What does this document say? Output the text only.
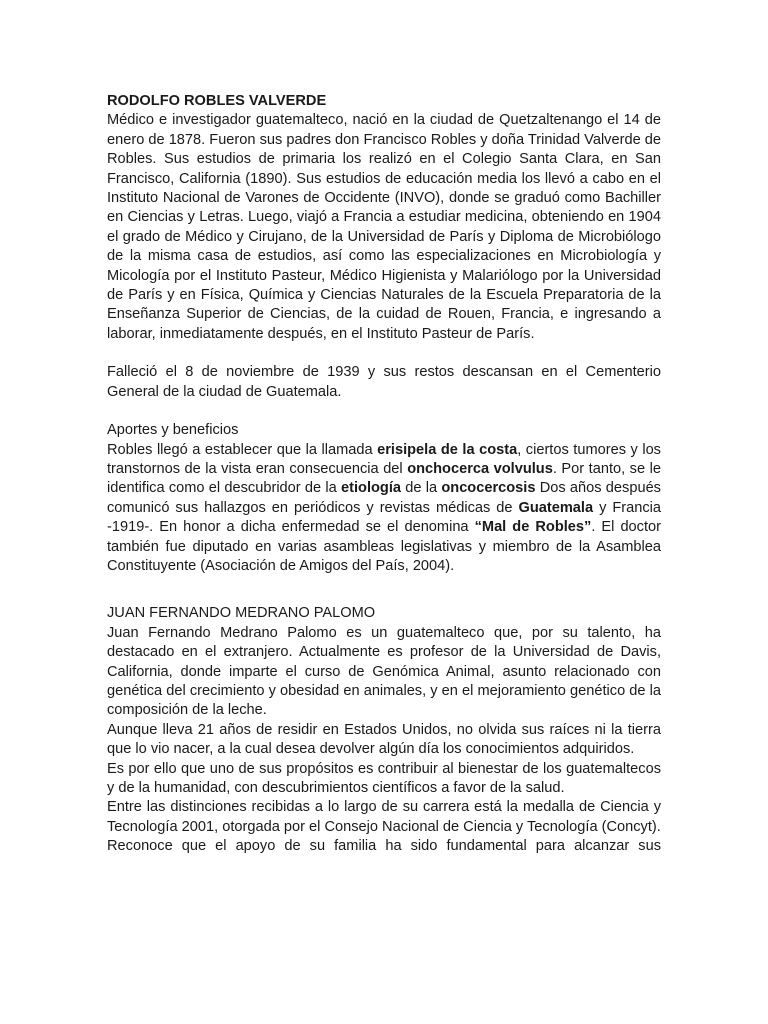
RODOLFO ROBLES VALVERDE

Médico e investigador guatemalteco, nació en la ciudad de Quetzaltenango el 14 de enero de 1878. Fueron sus padres don Francisco Robles y doña Trinidad Valverde de Robles. Sus estudios de primaria los realizó en el Colegio Santa Clara, en San Francisco, California (1890). Sus estudios de educación media los llevó a cabo en el Instituto Nacional de Varones de Occidente (INVO), donde se graduó como Bachiller en Ciencias y Letras. Luego, viajó a Francia a estudiar medicina, obteniendo en 1904 el grado de Médico y Cirujano, de la Universidad de París y Diploma de Microbiólogo de la misma casa de estudios, así como las especializaciones en Microbiología y Micología por el Instituto Pasteur, Médico Higienista y Malariólogo por la Universidad de París y en Física, Química y Ciencias Naturales de la Escuela Preparatoria de la Enseñanza Superior de Ciencias, de la cuidad de Rouen, Francia, e ingresando a laborar, inmediatamente después, en el Instituto Pasteur de París.

Falleció el 8 de noviembre de 1939 y sus restos descansan en el Cementerio General de la ciudad de Guatemala.

Aportes y beneficios

Robles llegó a establecer que la llamada erisipela de la costa, ciertos tumores y los transtornos de la vista eran consecuencia del onchocerca volvulus. Por tanto, se le identifica como el descubridor de la etiología de la oncocercosis Dos años después comunicó sus hallazgos en periódicos y revistas médicas de Guatemala y Francia -1919-. En honor a dicha enfermedad se el denomina “Mal de Robles”. El doctor también fue diputado en varias asambleas legislativas y miembro de la Asamblea Constituyente (Asociación de Amigos del País, 2004).

JUAN FERNANDO MEDRANO PALOMO

Juan Fernando Medrano Palomo es un guatemalteco que, por su talento, ha destacado en el extranjero. Actualmente es profesor de la Universidad de Davis, California, donde imparte el curso de Genómica Animal, asunto relacionado con genética del crecimiento y obesidad en animales, y en el mejoramiento genético de la composición de la leche.

Aunque lleva 21 años de residir en Estados Unidos, no olvida sus raíces ni la tierra que lo vio nacer, a la cual desea devolver algún día los conocimientos adquiridos.

Es por ello que uno de sus propósitos es contribuir al bienestar de los guatemaltecos y de la humanidad, con descubrimientos científicos a favor de la salud.

Entre las distinciones recibidas a lo largo de su carrera está la medalla de Ciencia y Tecnología 2001, otorgada por el Consejo Nacional de Ciencia y Tecnología (Concyt).

Reconoce que el apoyo de su familia ha sido fundamental para alcanzar sus
